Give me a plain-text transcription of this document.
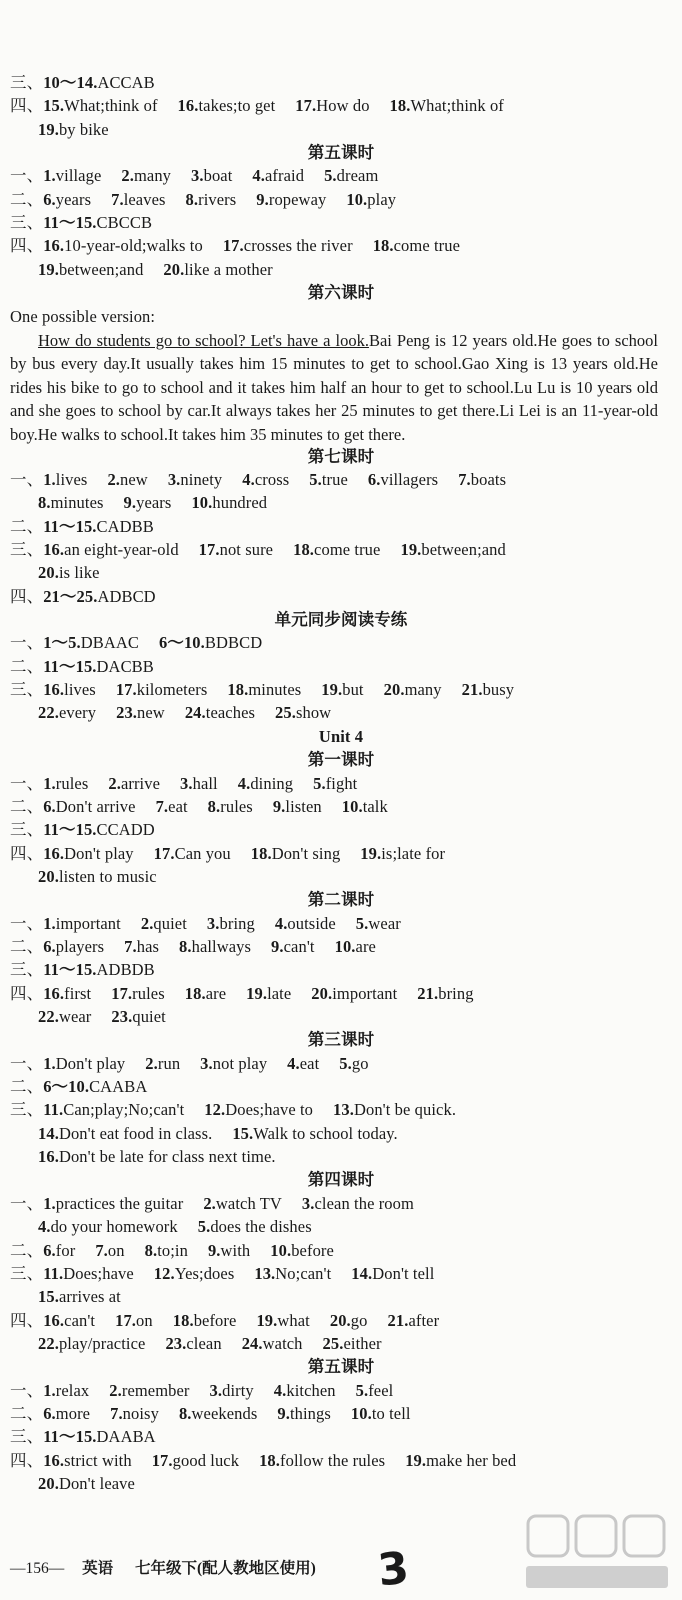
三、10～14.ACCAB
四、15.What;think of 16.takes;to get 17.How do 18.What;think of
19.by bike
第五课时
一、1.village 2.many 3.boat 4.afraid 5.dream
二、6.years 7.leaves 8.rivers 9.ropeway 10.play
三、11～15.CBCCB
四、16.10-year-old;walks to 17.crosses the river 18.come true
19.between;and 20.like a mother
第六课时
One possible version:
How do students go to school? Let's have a look.Bai Peng is 12 years old.He goes to school by bus every day.It usually takes him 15 minutes to get to school.Gao Xing is 13 years old.He rides his bike to go to school and it takes him half an hour to get to school.Lu Lu is 10 years old and she goes to school by car.It always takes her 25 minutes to get there.Li Lei is an 11-year-old boy.He walks to school.It takes him 35 minutes to get there.
第七课时
一、1.lives 2.new 3.ninety 4.cross 5.true 6.villagers 7.boats
8.minutes 9.years 10.hundred
二、11～15.CADBB
三、16.an eight-year-old 17.not sure 18.come true 19.between;and
20.is like
四、21～25.ADBCD
单元同步阅读专练
一、1～5.DBAAC 6～10.BDBCD
二、11～15.DACBB
三、16.lives 17.kilometers 18.minutes 19.but 20.many 21.busy
22.every 23.new 24.teaches 25.show
Unit 4
第一课时
一、1.rules 2.arrive 3.hall 4.dining 5.fight
二、6.Don't arrive 7.eat 8.rules 9.listen 10.talk
三、11～15.CCADD
四、16.Don't play 17.Can you 18.Don't sing 19.is;late for
20.listen to music
第二课时
一、1.important 2.quiet 3.bring 4.outside 5.wear
二、6.players 7.has 8.hallways 9.can't 10.are
三、11～15.ADBDB
四、16.first 17.rules 18.are 19.late 20.important 21.bring
22.wear 23.quiet
第三课时
一、1.Don't play 2.run 3.not play 4.eat 5.go
二、6～10.CAABA
三、11.Can;play;No;can't 12.Does;have to 13.Don't be quick.
14.Don't eat food in class. 15.Walk to school today.
16.Don't be late for class next time.
第四课时
一、1.practices the guitar 2.watch TV 3.clean the room
4.do your homework 5.does the dishes
二、6.for 7.on 8.to;in 9.with 10.before
三、11.Does;have 12.Yes;does 13.No;can't 14.Don't tell
15.arrives at
四、16.can't 17.on 18.before 19.what 20.go 21.after
22.play/practice 23.clean 24.watch 25.either
第五课时
一、1.relax 2.remember 3.dirty 4.kitchen 5.feel
二、6.more 7.noisy 8.weekends 9.things 10.to tell
三、11～15.DAABA
四、16.strict with 17.good luck 18.follow the rules 19.make her bed
20.Don't leave
—156— 英语 七年级下(配人教地区使用) 3
